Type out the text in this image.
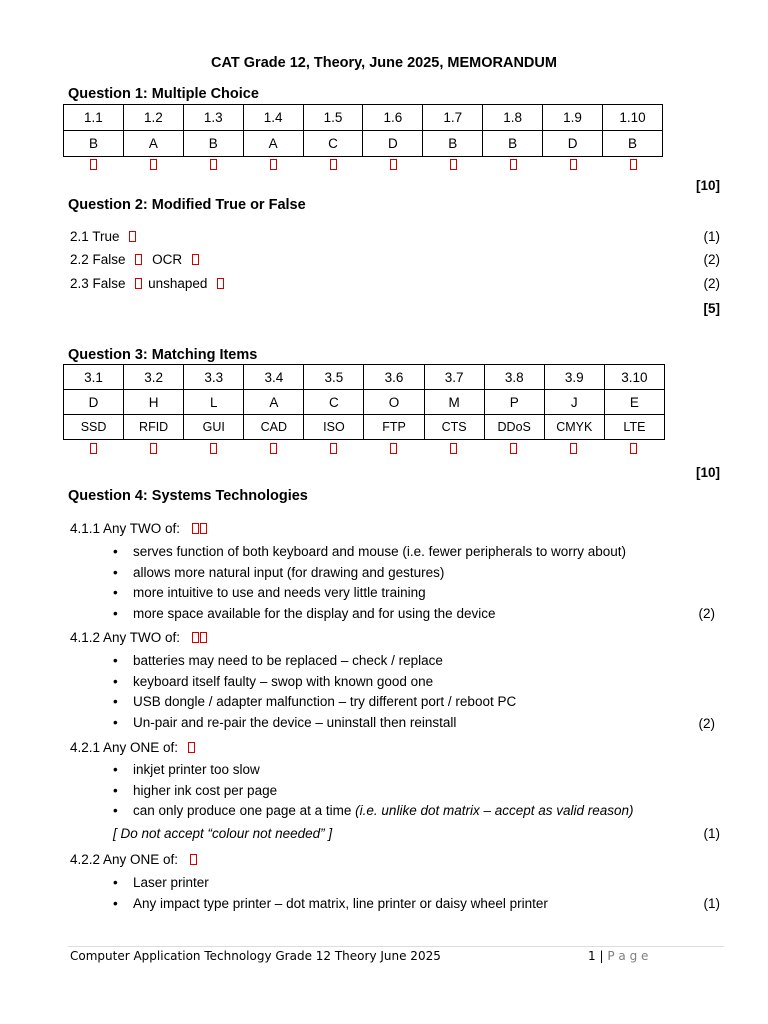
CAT Grade 12, Theory, June 2025, MEMORANDUM
Question 1: Multiple Choice
1.1	1.2	1.3	1.4	1.5	1.6	1.7	1.8	1.9	1.10
B	A	B	A	C	D	B	B	D	B
[10]
Question 2: Modified True or False
2.1 True	(1)
2.2 False OCR	(2)
2.3 False unshaped	(2)
[5]
Question 3: Matching Items
3.1	3.2	3.3	3.4	3.5	3.6	3.7	3.8	3.9	3.10
D	H	L	A	C	O	M	P	J	E
SSD	RFID	GUI	CAD	ISO	FTP	CTS	DDoS	CMYK	LTE
[10]
Question 4: Systems Technologies
4.1.1 Any TWO of:
• serves function of both keyboard and mouse (i.e. fewer peripherals to worry about)
• allows more natural input (for drawing and gestures)
• more intuitive to use and needs very little training
• more space available for the display and for using the device	(2)
4.1.2 Any TWO of:
• batteries may need to be replaced – check / replace
• keyboard itself faulty – swop with known good one
• USB dongle / adapter malfunction – try different port / reboot PC
• Un-pair and re-pair the device – uninstall then reinstall	(2)
4.2.1 Any ONE of:
• inkjet printer too slow
• higher ink cost per page
• can only produce one page at a time (i.e. unlike dot matrix – accept as valid reason)
[ Do not accept “colour not needed” ]	(1)
4.2.2 Any ONE of:
• Laser printer
• Any impact type printer – dot matrix, line printer or daisy wheel printer	(1)
Computer Application Technology Grade 12 Theory June 2025	1 | P a g e
